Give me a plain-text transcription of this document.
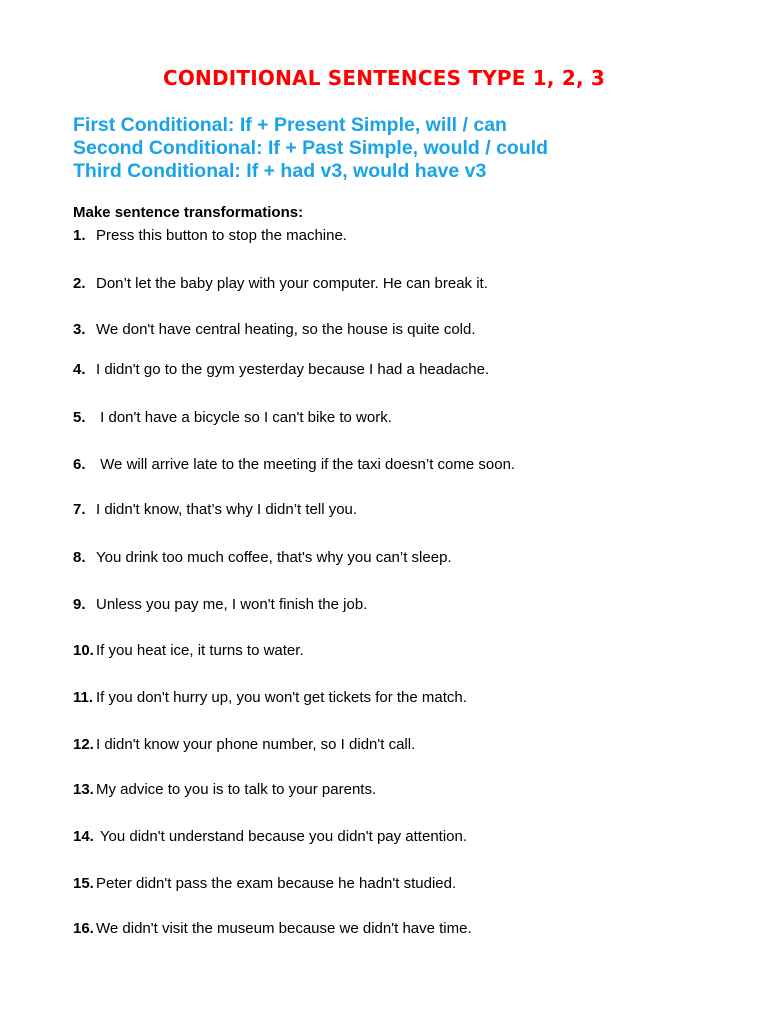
CONDITIONAL SENTENCES TYPE 1, 2, 3
First Conditional: If + Present Simple, will / can
Second Conditional: If + Past Simple, would / could
Third Conditional: If + had v3, would have v3
Make sentence transformations:
1. Press this button to stop the machine.
2. Don’t let the baby play with your computer. He can break it.
3. We don't have central heating, so the house is quite cold.
4. I didn't go to the gym yesterday because I had a headache.
5. I don't have a bicycle so I can't bike to work.
6. We will arrive late to the meeting if the taxi doesn’t come soon.
7. I didn't know, that’s why I didn’t tell you.
8. You drink too much coffee, that's why you can’t sleep.
9. Unless you pay me, I won't finish the job.
10. If you heat ice, it turns to water.
11. If you don't hurry up, you won't get tickets for the match.
12. I didn't know your phone number, so I didn't call.
13. My advice to you is to talk to your parents.
14. You didn't understand because you didn't pay attention.
15. Peter didn't pass the exam because he hadn't studied.
16. We didn't visit the museum because we didn't have time.
